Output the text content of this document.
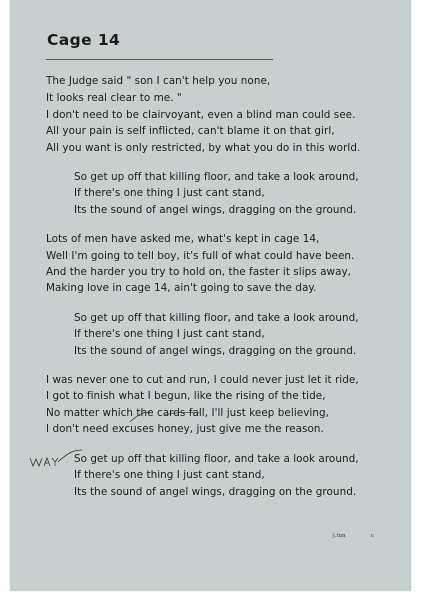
Cage 14
The Judge said " son I can't help you none,
It looks real clear to me. "
I don't need to be clairvoyant, even a blind man could see.
All your pain is self inflicted, can't blame it on that girl,
All you want is only restricted, by what you do in this world.
So get up off that killing floor, and take a look around,
If there's one thing I just cant stand,
Its the sound of angel wings, dragging on the ground.
Lots of men have asked me, what's kept in cage 14,
Well I'm going to tell boy, it's full of what could have been.
And the harder you try to hold on, the faster it slips away,
Making love in cage 14, ain't going to save the day.
So get up off that killing floor, and take a look around,
If there's one thing I just cant stand,
Its the sound of angel wings, dragging on the ground.
I was never one to cut and run, I could never just let it ride,
I got to finish what I begun, like the rising of the tide,
No matter which the cards fall, I'll just keep believing,
I don't need excuses honey, just give me the reason.
So get up off that killing floor, and take a look around,
If there's one thing I just cant stand,
Its the sound of angel wings, dragging on the ground.
j.fun	c
